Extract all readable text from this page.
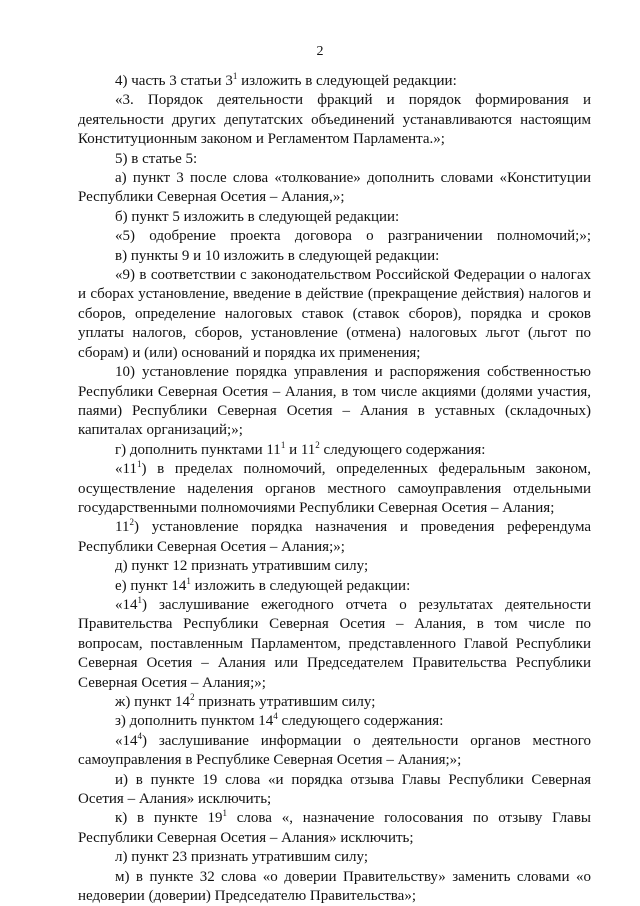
2

4) часть 3 статьи $3^1$ изложить в следующей редакции:

«3. Порядок деятельности фракций и порядок формирования и деятельности других депутатских объединений устанавливаются настоящим Конституционным законом и Регламентом Парламента.»;

5) в статье 5:

а) пункт 3 после слова «толкование» дополнить словами «Конституции Республики Северная Осетия – Алания,»;

б) пункт 5 изложить в следующей редакции:

«5) одобрение проекта договора о разграничении полномочий;»;

в) пункты 9 и 10 изложить в следующей редакции:

«9) в соответствии с законодательством Российской Федерации о налогах и сборах установление, введение в действие (прекращение действия) налогов и сборов, определение налоговых ставок (ставок сборов), порядка и сроков уплаты налогов, сборов, установление (отмена) налоговых льгот (льгот по сборам) и (или) оснований и порядка их применения;

10) установление порядка управления и распоряжения собственностью Республики Северная Осетия – Алания, в том числе акциями (долями участия, паями) Республики Северная Осетия – Алания в уставных (складочных) капиталах организаций;»;

г) дополнить пунктами $11^1$ и $11^2$ следующего содержания:

«$11^1$) в пределах полномочий, определенных федеральным законом, осуществление наделения органов местного самоуправления отдельными государственными полномочиями Республики Северная Осетия – Алания;

$11^2$) установление порядка назначения и проведения референдума Республики Северная Осетия – Алания;»;

д) пункт 12 признать утратившим силу;

е) пункт $14^1$ изложить в следующей редакции:

«$14^1$) заслушивание ежегодного отчета о результатах деятельности Правительства Республики Северная Осетия – Алания, в том числе по вопросам, поставленным Парламентом, представленного Главой Республики Северная Осетия – Алания или Председателем Правительства Республики Северная Осетия – Алания;»;

ж) пункт $14^2$ признать утратившим силу;

з) дополнить пунктом $14^4$ следующего содержания:

«$14^4$) заслушивание информации о деятельности органов местного самоуправления в Республике Северная Осетия – Алания;»;

и) в пункте 19 слова «и порядка отзыва Главы Республики Северная Осетия – Алания» исключить;

к) в пункте $19^1$ слова «, назначение голосования по отзыву Главы Республики Северная Осетия – Алания» исключить;

л) пункт 23 признать утратившим силу;

м) в пункте 32 слова «о доверии Правительству» заменить словами «о недоверии (доверии) Председателю Правительства»;
